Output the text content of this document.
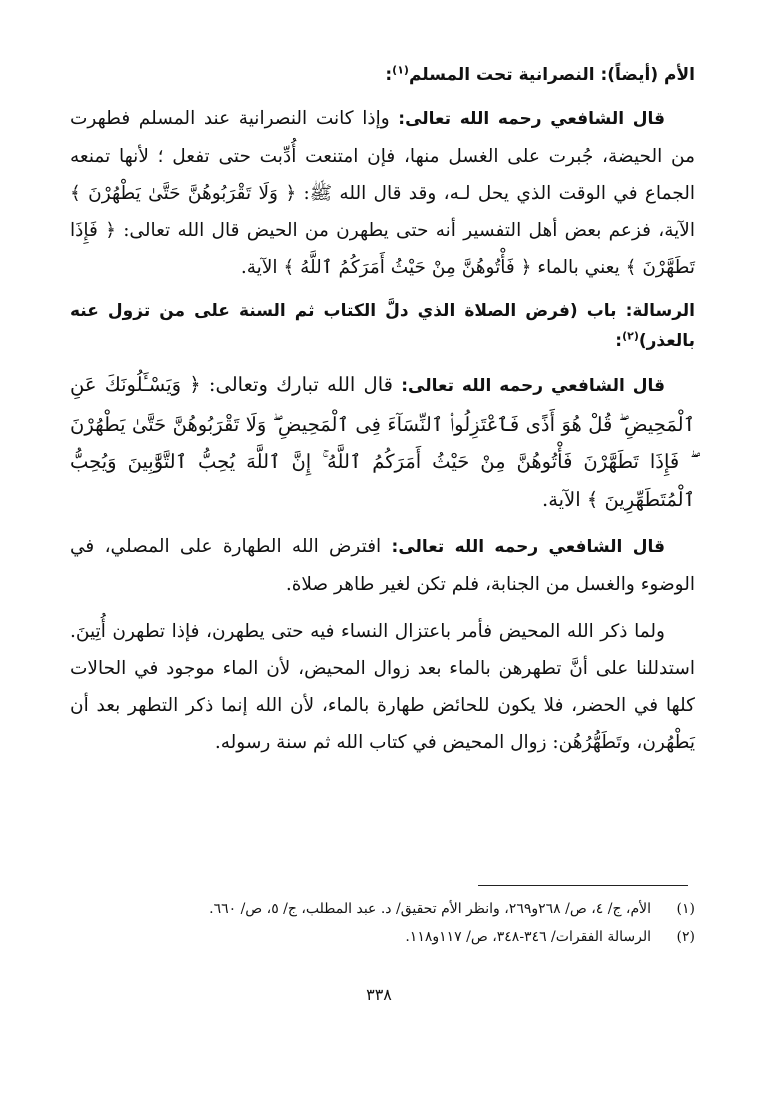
الأم (أيضاً): النصرانية تحت المسلم$^{(١)}$:

قال الشافعي رحمه الله تعالى: وإذا كانت النصرانية عند المسلم فطهرت من الحيضة، جُبرت على الغسل منها، فإن امتنعت أُدِّبت حتى تفعل ؛ لأنها تمنعه الجماع في الوقت الذي يحل لـه، وقد قال الله ﷺ: ﴿ وَلَا تَقْرَبُوهُنَّ حَتَّىٰ يَطْهُرْنَ ﴾ الآية، فزعم بعض أهل التفسير أنه حتى يطهرن من الحيض قال الله تعالى: ﴿ فَإِذَا تَطَهَّرْنَ ﴾ يعني بالماء ﴿ فَأْتُوهُنَّ مِنْ حَيْثُ أَمَرَكُمُ ٱللَّهُ ﴾ الآية.

الرسالة: باب (فرض الصلاة الذي دلَّ الكتاب ثم السنة على من تزول عنه بالعذر)$^{(٢)}$:

قال الشافعي رحمه الله تعالى: قال الله تبارك وتعالى: ﴿ وَيَسْـَٔلُونَكَ عَنِ ٱلْمَحِيضِ ۖ قُلْ هُوَ أَذًى فَٱعْتَزِلُوا۟ ٱلنِّسَآءَ فِى ٱلْمَحِيضِ ۖ وَلَا تَقْرَبُوهُنَّ حَتَّىٰ يَطْهُرْنَ ۖ فَإِذَا تَطَهَّرْنَ فَأْتُوهُنَّ مِنْ حَيْثُ أَمَرَكُمُ ٱللَّهُ ۚ إِنَّ ٱللَّهَ يُحِبُّ ٱلتَّوَّٰبِينَ وَيُحِبُّ ٱلْمُتَطَهِّرِينَ ﴾ الآية.

قال الشافعي رحمه الله تعالى: افترض الله الطهارة على المصلي، في الوضوء والغسل من الجنابة، فلم تكن لغير طاهر صلاة.

ولما ذكر الله المحيض فأمر باعتزال النساء فيه حتى يطهرن، فإذا تطهرن أُتِينَ. استدللنا على أنَّ تطهرهن بالماء بعد زوال المحيض، لأن الماء موجود في الحالات كلها في الحضر، فلا يكون للحائض طهارة بالماء، لأن الله إنما ذكر التطهر بعد أن يَطْهُرن، وتَطَهُّرُهُن: زوال المحيض في كتاب الله ثم سنة رسوله.

(١)الأم، ج/ ٤، ص/ ٢٦٨و٢٦٩، وانظر الأم تحقيق/ د. عبد المطلب، ج/ ٥، ص/ ٦٦٠.

(٢)الرسالة الفقرات/ ٣٤٦-٣٤٨، ص/ ١١٧و١١٨.

٣٣٨
